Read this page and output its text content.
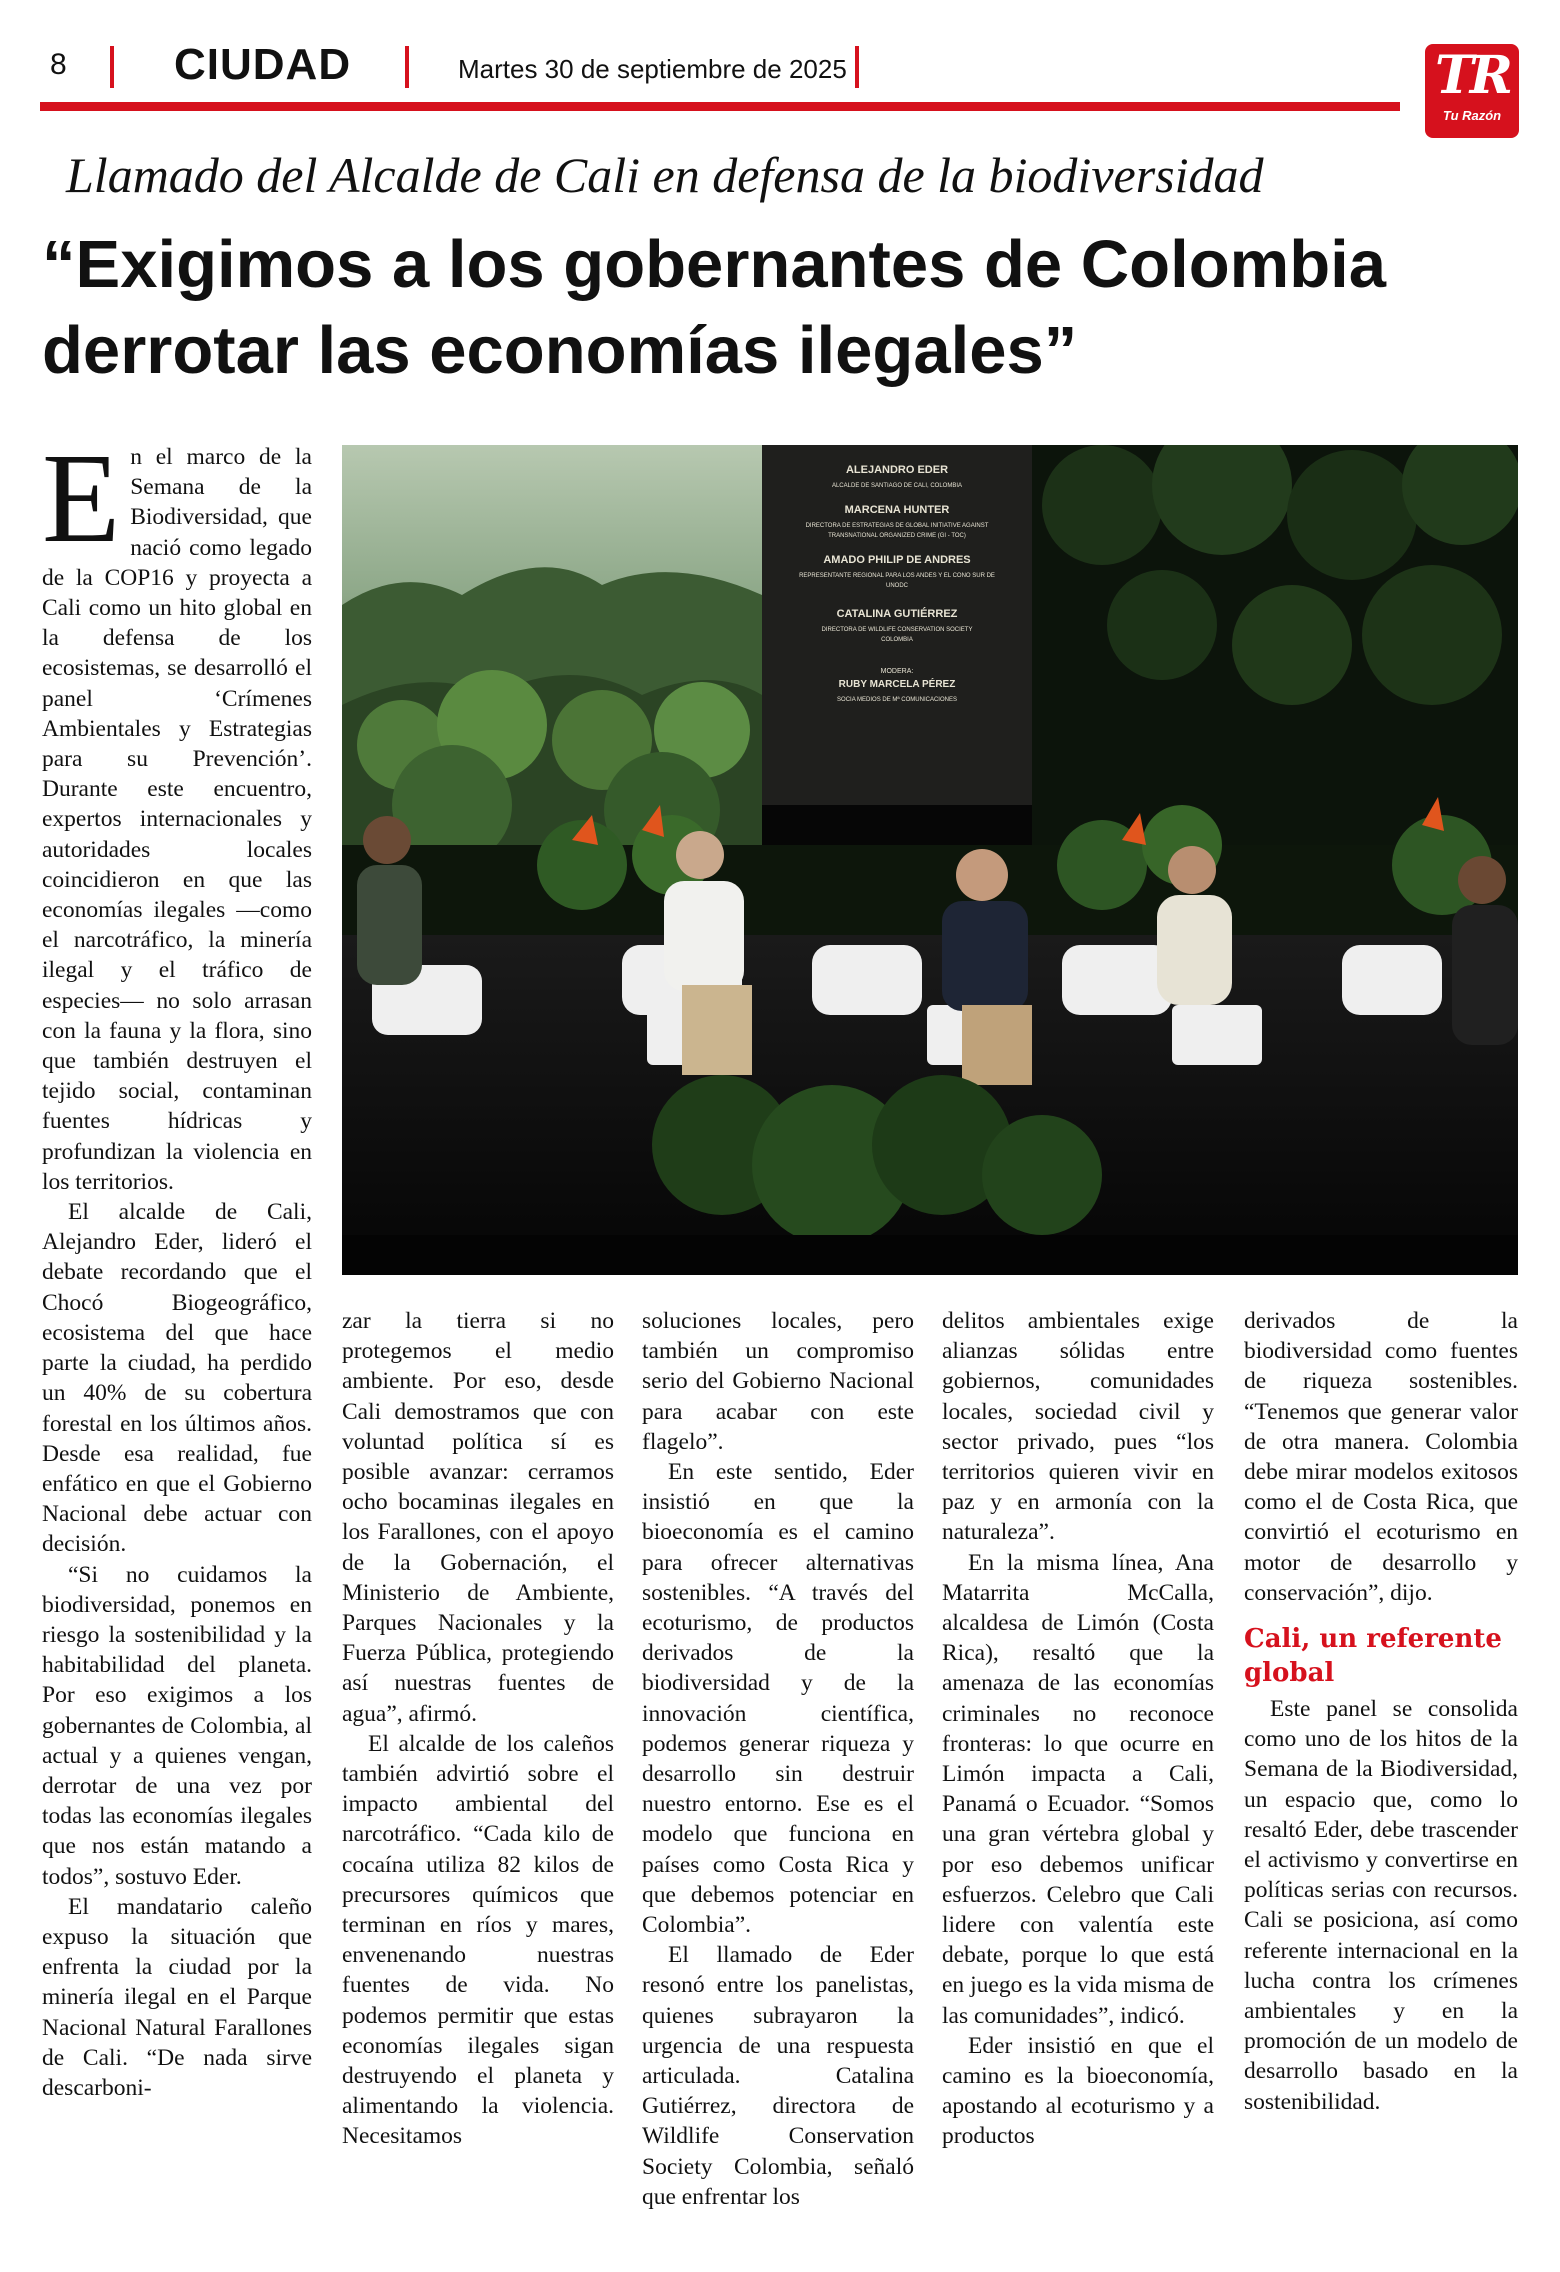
8 CIUDAD	Martes 30 de septiembre de 2025	TR
Tu Razón
Llamado del Alcalde de Cali en defensa de la biodiversidad
“Exigimos a los gobernantes de Colombia derrotar las economías ilegales”
ALEJANDRO EDER
ALCALDE DE SANTIAGO DE CALI, COLOMBIA
MARCENA HUNTER
DIRECTORA DE ESTRATEGIAS DE GLOBAL INITIATIVE AGAINST
TRANSNATIONAL ORGANIZED CRIME (GI - TOC)
AMADO PHILIP DE ANDRES
REPRESENTANTE REGIONAL PARA LOS ANDES Y EL CONO SUR DE
UNODC
CATALINA GUTIÉRREZ
DIRECTORA DE WILDLIFE CONSERVATION SOCIETY
COLOMBIA
MODERA:
RUBY MARCELA PÉREZ
SOCIA MEDIOS DE Mª COMUNICACIONES

En el marco de la Semana de la Biodiversidad, que nació como legado de la COP16 y proyecta a Cali como un hito global en la defensa de los ecosistemas, se desarrolló el panel ‘Crímenes Ambientales y Estrategias para su Prevención’. Durante este encuentro, expertos internacionales y autoridades locales coincidieron en que las economías ilegales —como el narcotráfico, la minería ilegal y el tráfico de especies— no solo arrasan con la fauna y la flora, sino que también destruyen el tejido social, contaminan fuentes hídricas y profundizan la violencia en los territorios.

El alcalde de Cali, Alejandro Eder, lideró el debate recordando que el Chocó Biogeográfico, ecosistema del que hace parte la ciudad, ha perdido un 40% de su cobertura forestal en los últimos años. Desde esa realidad, fue enfático en que el Gobierno Nacional debe actuar con decisión.

“Si no cuidamos la biodiversidad, ponemos en riesgo la sostenibilidad y la habitabilidad del planeta. Por eso exigimos a los gobernantes de Colombia, al actual y a quienes vengan, derrotar de una vez por todas las economías ilegales que nos están matando a todos”, sostuvo Eder.

El mandatario caleño expuso la situación que enfrenta la ciudad por la minería ilegal en el Parque Nacional Natural Farallones de Cali. “De nada sirve descarboni-

zar la tierra si no protegemos el medio ambiente. Por eso, desde Cali demostramos que con voluntad política sí es posible avanzar: cerramos ocho bocaminas ilegales en los Farallones, con el apoyo de la Gobernación, el Ministerio de Ambiente, Parques Nacionales y la Fuerza Pública, protegiendo así nuestras fuentes de agua”, afirmó.

El alcalde de los caleños también advirtió sobre el impacto ambiental del narcotráfico. “Cada kilo de cocaína utiliza 82 kilos de precursores químicos que terminan en ríos y mares, envenenando nuestras fuentes de vida. No podemos permitir que estas economías ilegales sigan destruyendo el planeta y alimentando la violencia. Necesitamos

soluciones locales, pero también un compromiso serio del Gobierno Nacional para acabar con este flagelo”.

En este sentido, Eder insistió en que la bioeconomía es el camino para ofrecer alternativas sostenibles. “A través del ecoturismo, de productos derivados de la biodiversidad y de la innovación científica, podemos generar riqueza y desarrollo sin destruir nuestro entorno. Ese es el modelo que funciona en países como Costa Rica y que debemos potenciar en Colombia”.

El llamado de Eder resonó entre los panelistas, quienes subrayaron la urgencia de una respuesta articulada. Catalina Gutiérrez, directora de Wildlife Conservation Society Colombia, señaló que enfrentar los

delitos ambientales exige alianzas sólidas entre gobiernos, comunidades locales, sociedad civil y sector privado, pues “los territorios quieren vivir en paz y en armonía con la naturaleza”.

En la misma línea, Ana Matarrita McCalla, alcaldesa de Limón (Costa Rica), resaltó que la amenaza de las economías criminales no reconoce fronteras: lo que ocurre en Limón impacta a Cali, Panamá o Ecuador. “Somos una gran vértebra global y por eso debemos unificar esfuerzos. Celebro que Cali lidere con valentía este debate, porque lo que está en juego es la vida misma de las comunidades”, indicó.

Eder insistió en que el camino es la bioeconomía, apostando al ecoturismo y a productos

derivados de la biodiversidad como fuentes de riqueza sostenibles. “Tenemos que generar valor de otra manera. Colombia debe mirar modelos exitosos como el de Costa Rica, que convirtió el ecoturismo en motor de desarrollo y conservación”, dijo.

Cali, un referente global

Este panel se consolida como uno de los hitos de la Semana de la Biodiversidad, un espacio que, como lo resaltó Eder, debe trascender el activismo y convertirse en políticas serias con recursos. Cali se posiciona, así como referente internacional en la lucha contra los crímenes ambientales y en la promoción de un modelo de desarrollo basado en la sostenibilidad.
